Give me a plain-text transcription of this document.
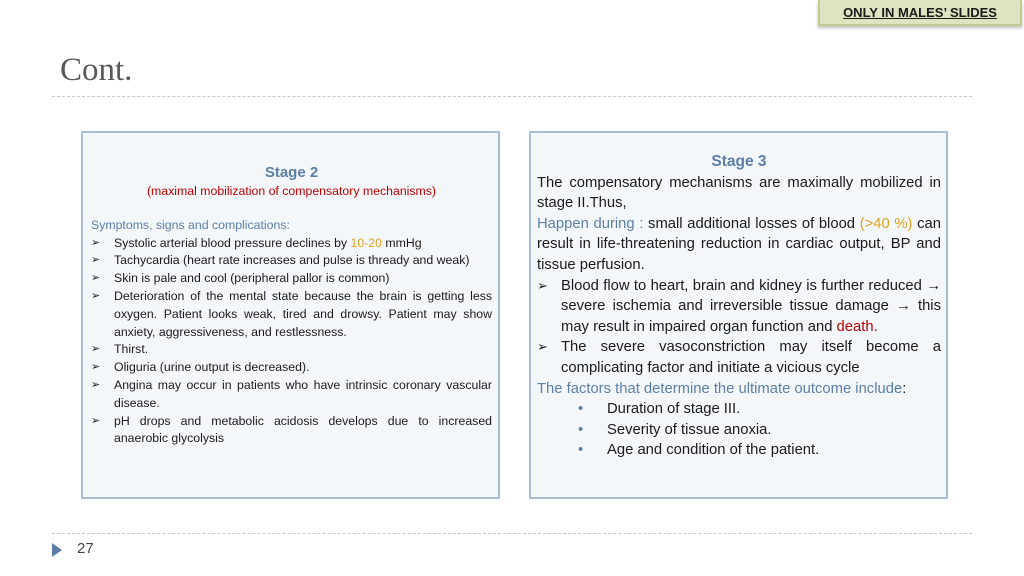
ONLY IN MALES’ SLIDES
Cont.
Stage 2
(maximal mobilization of compensatory mechanisms)
Symptoms, signs and complications:
➢ Systolic arterial blood pressure declines by 10-20 mmHg
➢ Tachycardia (heart rate increases and pulse is thready and weak)
➢ Skin is pale and cool (peripheral pallor is common)
➢ Deterioration of the mental state because the brain is getting less oxygen. Patient looks weak, tired and drowsy. Patient may show anxiety, aggressiveness, and restlessness.
➢ Thirst.
➢ Oliguria (urine output is decreased).
➢ Angina may occur in patients who have intrinsic coronary vascular disease.
➢ pH drops and metabolic acidosis develops due to increased anaerobic glycolysis
Stage 3

The compensatory mechanisms are maximally mobilized in stage II.Thus,

Happen during : small additional losses of blood (>40 %) can result in life-threatening reduction in cardiac output, BP and tissue perfusion.

➢ Blood flow to heart, brain and kidney is further reduced → severe ischemia and irreversible tissue damage → this may result in impaired organ function and death.
➢ The severe vasoconstriction may itself become a complicating factor and initiate a vicious cycle

The factors that determine the ultimate outcome include:

• Duration of stage III.
• Severity of tissue anoxia.
• Age and condition of the patient.
27
